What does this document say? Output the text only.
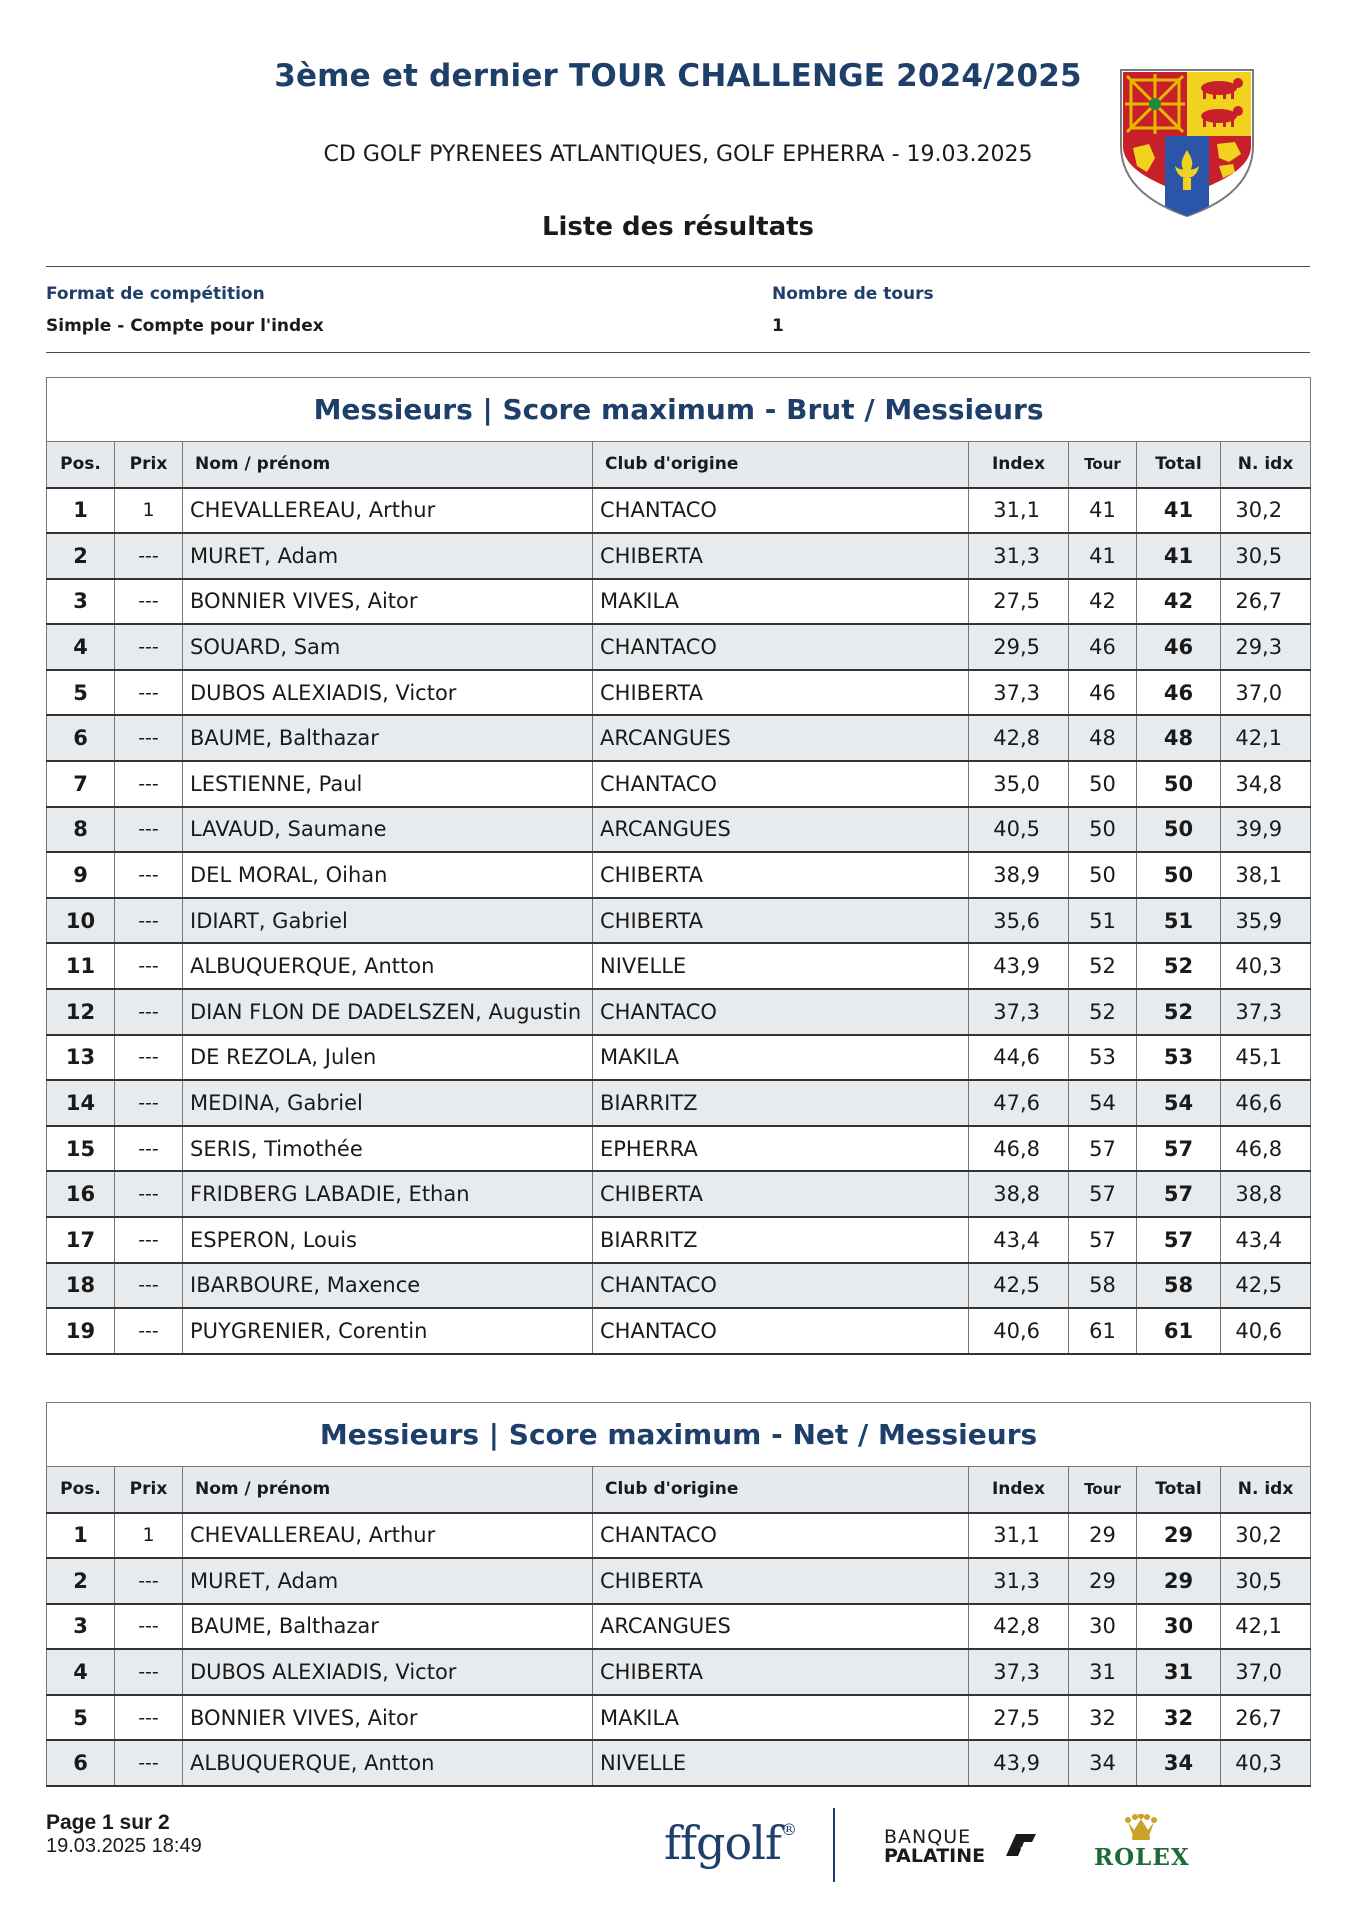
3ème et dernier TOUR CHALLENGE 2024/2025
CD GOLF PYRENEES ATLANTIQUES, GOLF EPHERRA - 19.03.2025
Liste des résultats
Format de compétition
Simple - Compte pour l'index
Nombre de tours
1
Messieurs | Score maximum - Brut / Messieurs							
Pos.	Prix	Nom / prénom	Club d'origine	Index	Tour	Total	N. idx
1	1	CHEVALLEREAU, Arthur	CHANTACO	31,1	41	41	30,2
2	---	MURET, Adam	CHIBERTA	31,3	41	41	30,5
3	---	BONNIER VIVES, Aitor	MAKILA	27,5	42	42	26,7
4	---	SOUARD, Sam	CHANTACO	29,5	46	46	29,3
5	---	DUBOS ALEXIADIS, Victor	CHIBERTA	37,3	46	46	37,0
6	---	BAUME, Balthazar	ARCANGUES	42,8	48	48	42,1
7	---	LESTIENNE, Paul	CHANTACO	35,0	50	50	34,8
8	---	LAVAUD, Saumane	ARCANGUES	40,5	50	50	39,9
9	---	DEL MORAL, Oihan	CHIBERTA	38,9	50	50	38,1
10	---	IDIART, Gabriel	CHIBERTA	35,6	51	51	35,9
11	---	ALBUQUERQUE, Antton	NIVELLE	43,9	52	52	40,3
12	---	DIAN FLON DE DADELSZEN, Augustin	CHANTACO	37,3	52	52	37,3
13	---	DE REZOLA, Julen	MAKILA	44,6	53	53	45,1
14	---	MEDINA, Gabriel	BIARRITZ	47,6	54	54	46,6
15	---	SERIS, Timothée	EPHERRA	46,8	57	57	46,8
16	---	FRIDBERG LABADIE, Ethan	CHIBERTA	38,8	57	57	38,8
17	---	ESPERON, Louis	BIARRITZ	43,4	57	57	43,4
18	---	IBARBOURE, Maxence	CHANTACO	42,5	58	58	42,5
19	---	PUYGRENIER, Corentin	CHANTACO	40,6	61	61	40,6
Messieurs | Score maximum - Net / Messieurs							
Pos.	Prix	Nom / prénom	Club d'origine	Index	Tour	Total	N. idx
1	1	CHEVALLEREAU, Arthur	CHANTACO	31,1	29	29	30,2
2	---	MURET, Adam	CHIBERTA	31,3	29	29	30,5
3	---	BAUME, Balthazar	ARCANGUES	42,8	30	30	42,1
4	---	DUBOS ALEXIADIS, Victor	CHIBERTA	37,3	31	31	37,0
5	---	BONNIER VIVES, Aitor	MAKILA	27,5	32	32	26,7
6	---	ALBUQUERQUE, Antton	NIVELLE	43,9	34	34	40,3
Page 1 sur 2
19.03.2025 18:49	ffgolf®	BANQUE
PALATINE	ROLEX
